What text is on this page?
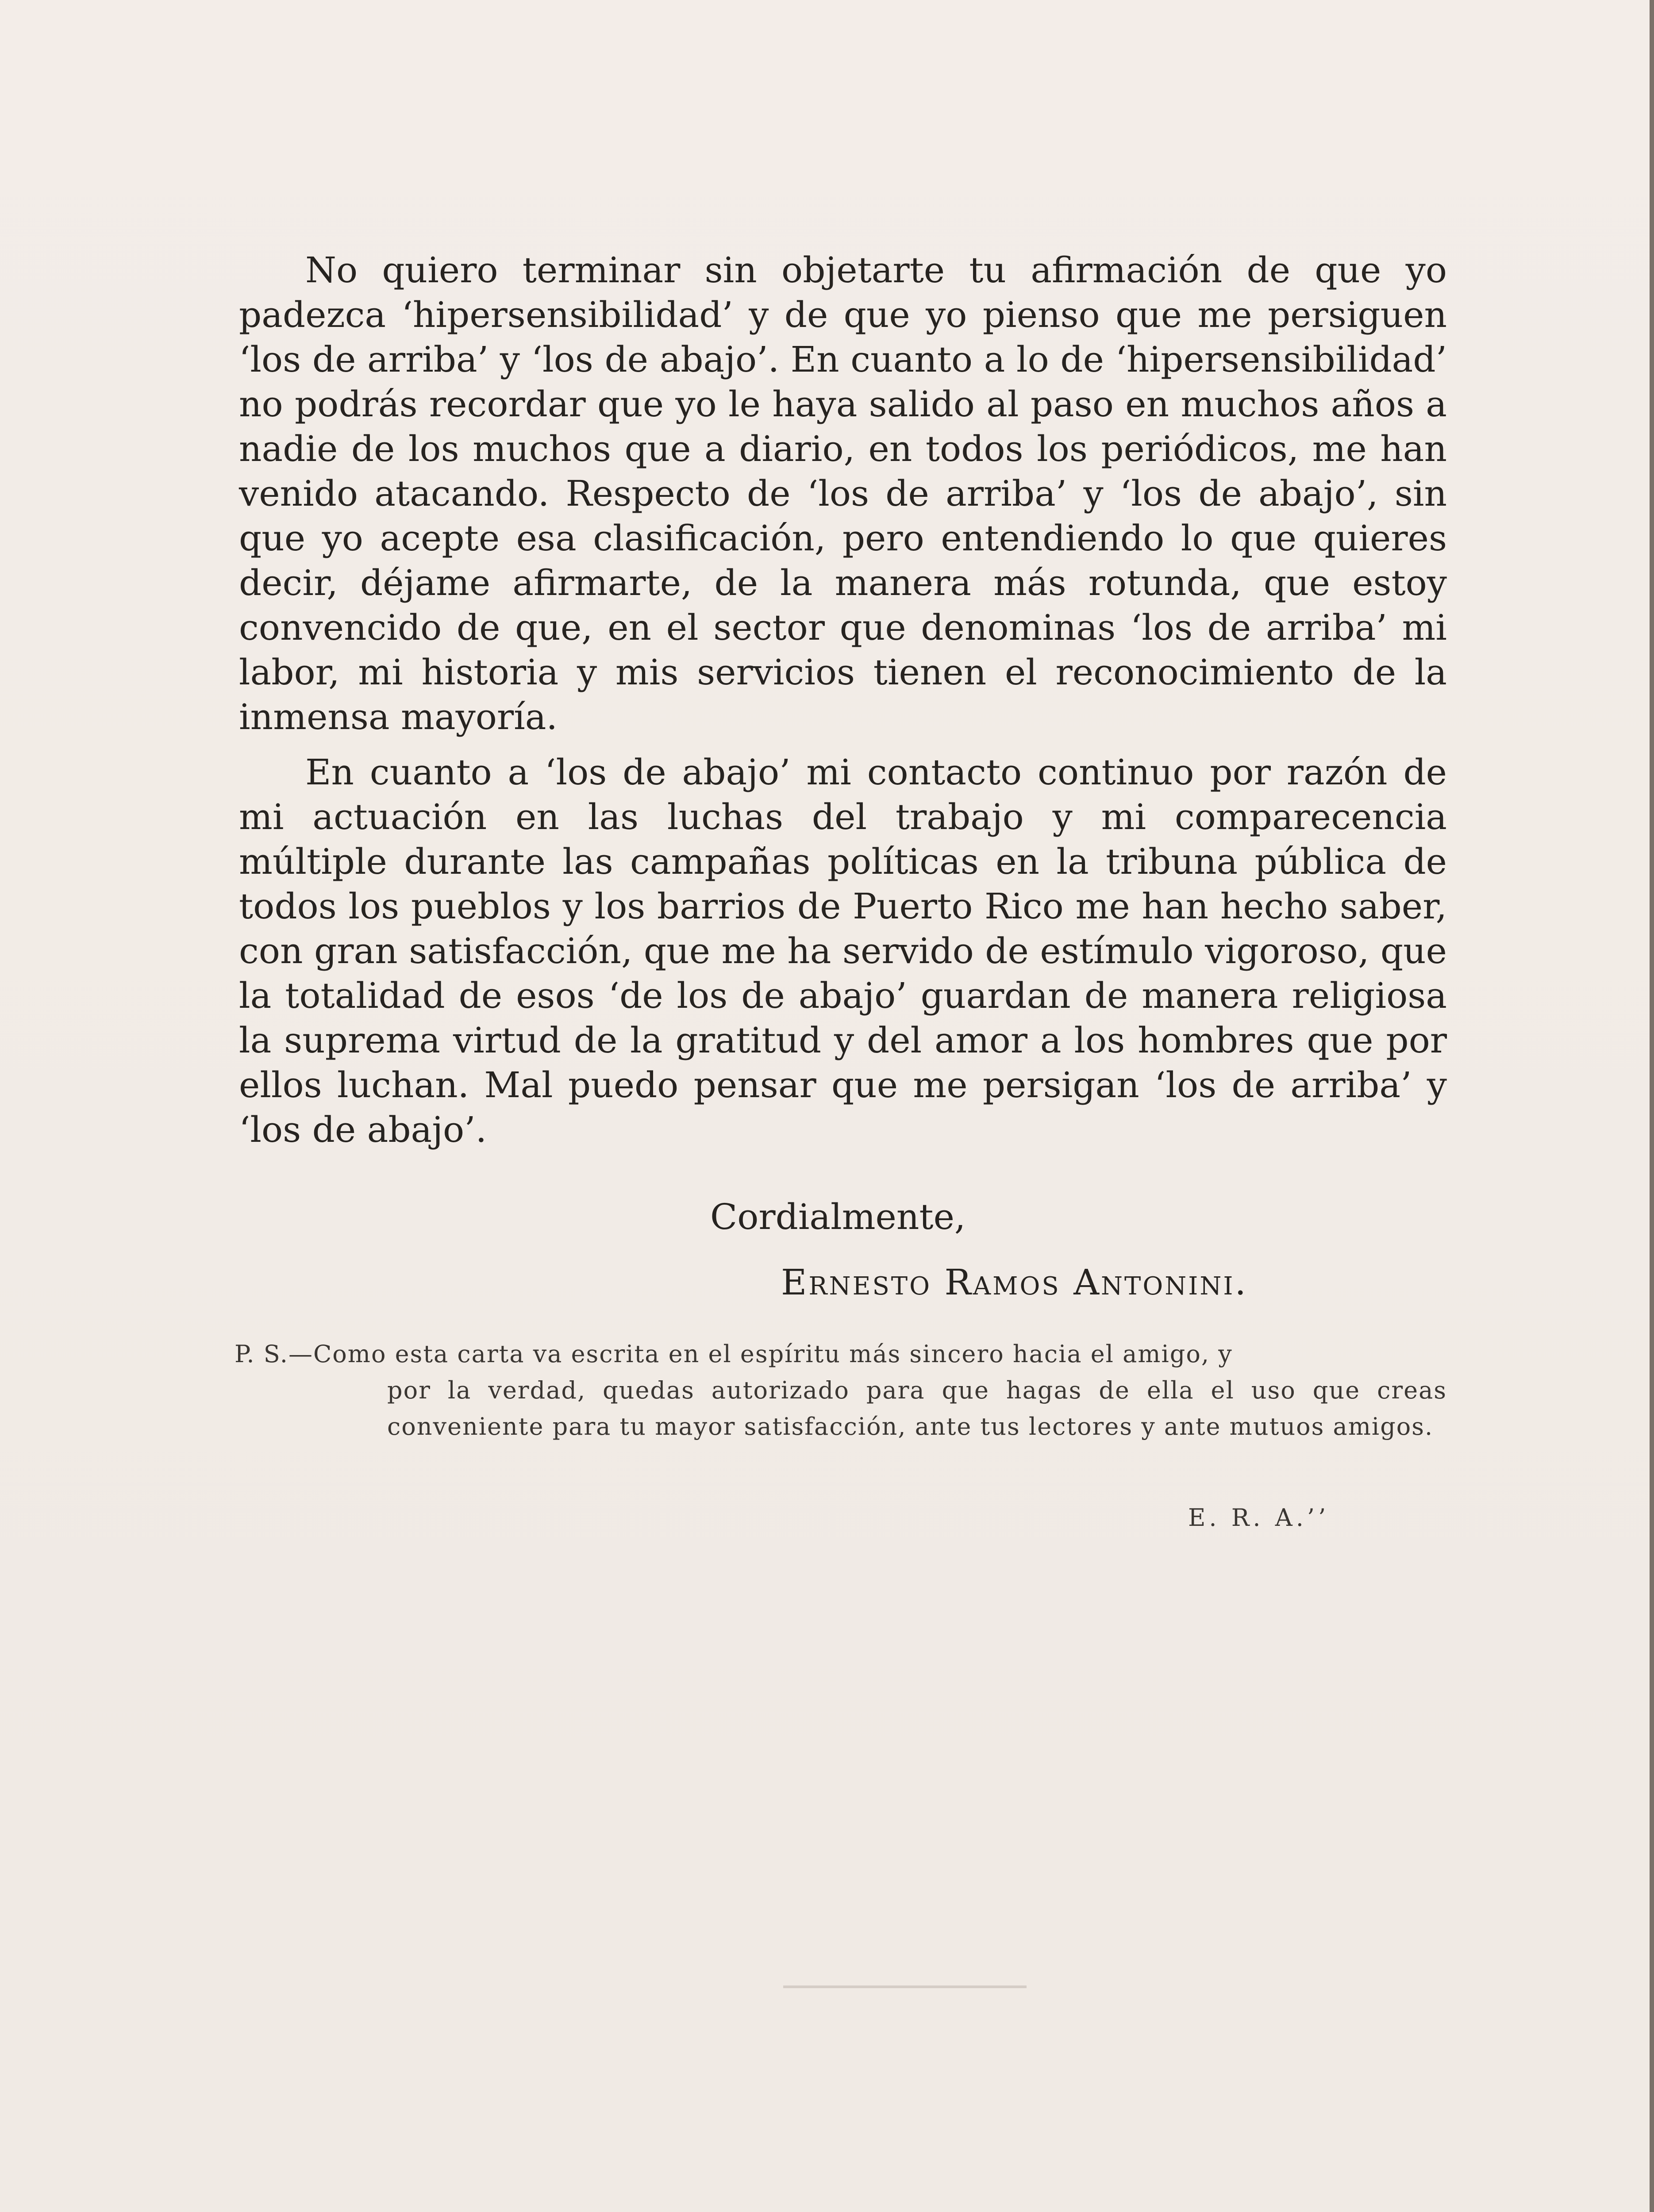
No quiero terminar sin objetarte tu afirmación de que yo padezca ‘hipersensibilidad’ y de que yo pienso que me persiguen ‘los de arriba’ y ‘los de abajo’. En cuanto a lo de ‘hipersensibilidad’ no podrás recordar que yo le haya salido al paso en muchos años a nadie de los muchos que a diario, en todos los periódicos, me han venido atacando. Respecto de ‘los de arriba’ y ‘los de abajo’, sin que yo acepte esa clasificación, pero entendiendo lo que quieres decir, déjame afirmarte, de la manera más rotunda, que estoy convencido de que, en el sector que denominas ‘los de arriba’ mi labor, mi historia y mis servicios tienen el reconocimiento de la inmensa mayoría.

En cuanto a ‘los de abajo’ mi contacto continuo por razón de mi actuación en las luchas del trabajo y mi comparecencia múltiple durante las campañas políticas en la tribuna pública de todos los pueblos y los barrios de Puerto Rico me han hecho saber, con gran satisfacción, que me ha servido de estímulo vigoroso, que la totalidad de esos ‘de los de abajo’ guardan de manera religiosa la suprema virtud de la gratitud y del amor a los hombres que por ellos luchan. Mal puedo pensar que me persigan ‘los de arriba’ y ‘los de abajo’.

Cordialmente,
Ernesto Ramos Antonini.
P. S.—Como esta carta va escrita en el espíritu más sincero hacia el amigo, y
por la verdad, quedas autorizado para que hagas de ella el uso que creas conveniente para tu mayor satisfacción, ante tus lectores y ante mutuos amigos.
E. R. A.’’
